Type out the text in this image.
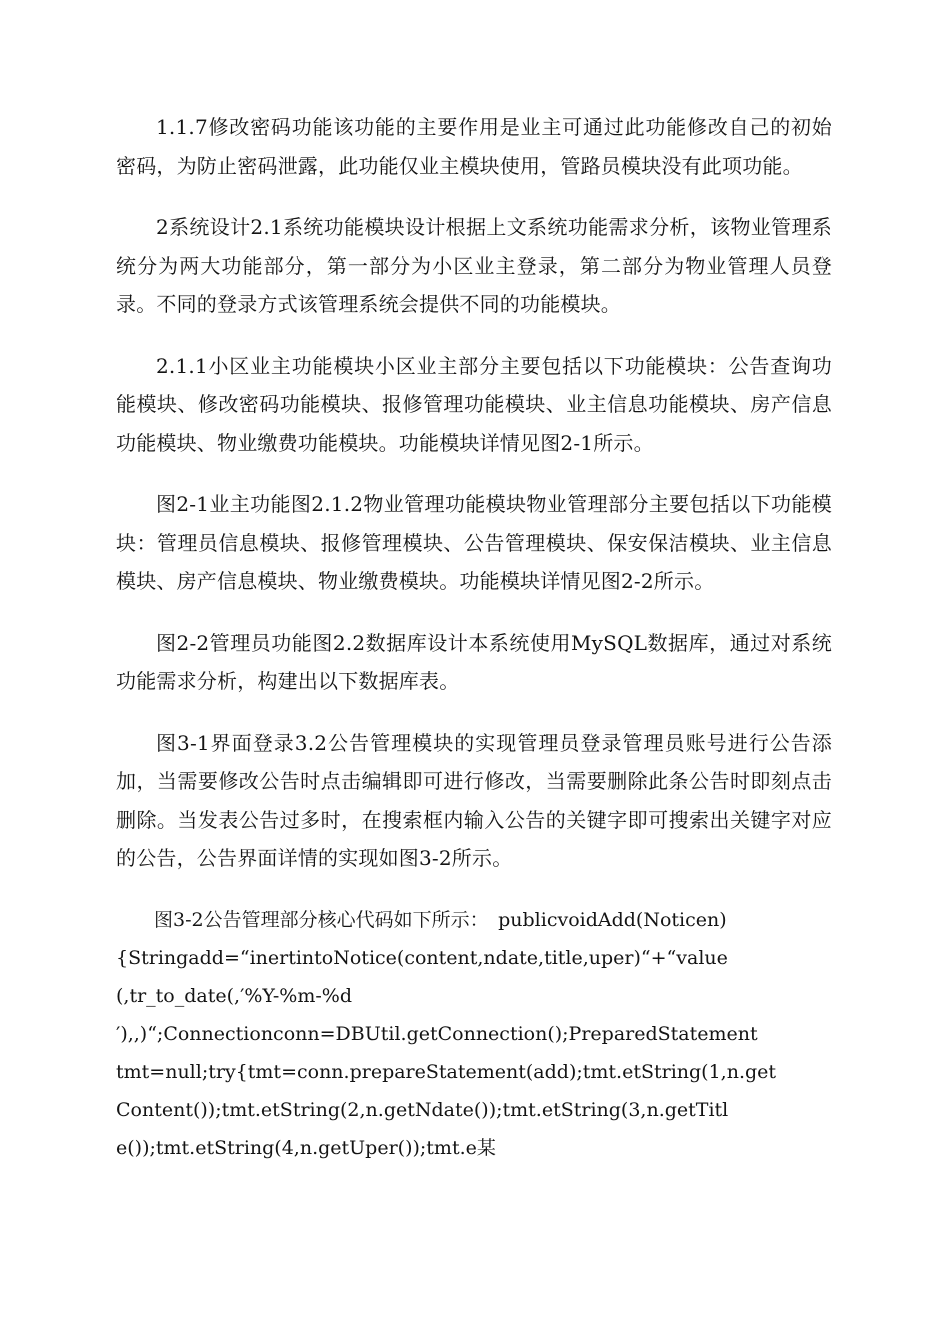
1.1.7修改密码功能该功能的主要作用是业主可通过此功能修改自己的初始密码，为防止密码泄露，此功能仅业主模块使用，管路员模块没有此项功能。

2系统设计2.1系统功能模块设计根据上文系统功能需求分析，该物业管理系统分为两大功能部分，第一部分为小区业主登录，第二部分为物业管理人员登录。不同的登录方式该管理系统会提供不同的功能模块。

2.1.1小区业主功能模块小区业主部分主要包括以下功能模块：公告查询功能模块、修改密码功能模块、报修管理功能模块、业主信息功能模块、房产信息功能模块、物业缴费功能模块。功能模块详情见图2-1所示。

图2-1业主功能图2.1.2物业管理功能模块物业管理部分主要包括以下功能模块：管理员信息模块、报修管理模块、公告管理模块、保安保洁模块、业主信息模块、房产信息模块、物业缴费模块。功能模块详情见图2-2所示。

图2-2管理员功能图2.2数据库设计本系统使用MySQL数据库，通过对系统功能需求分析，构建出以下数据库表。

图3-1界面登录3.2公告管理模块的实现管理员登录管理员账号进行公告添加，当需要修改公告时点击编辑即可进行修改，当需要删除此条公告时即刻点击删除。当发表公告过多时，在搜索框内输入公告的关键字即可搜索出关键字对应的公告，公告界面详情的实现如图3-2所示。

图3-2公告管理部分核心代码如下所示：　publicvoidAdd(Noticen)
{Stringadd=“inertintoNotice(content,ndate,title,uper)“+“value
(,tr_to_date(,′%Y-%m-%d
′),,)“;Connectionconn=DBUtil.getConnection();PreparedStatement
tmt=null;try{tmt=conn.prepareStatement(add);tmt.etString(1,n.get
Content());tmt.etString(2,n.getNdate());tmt.etString(3,n.getTitl
e());tmt.etString(4,n.getUper());tmt.e某
